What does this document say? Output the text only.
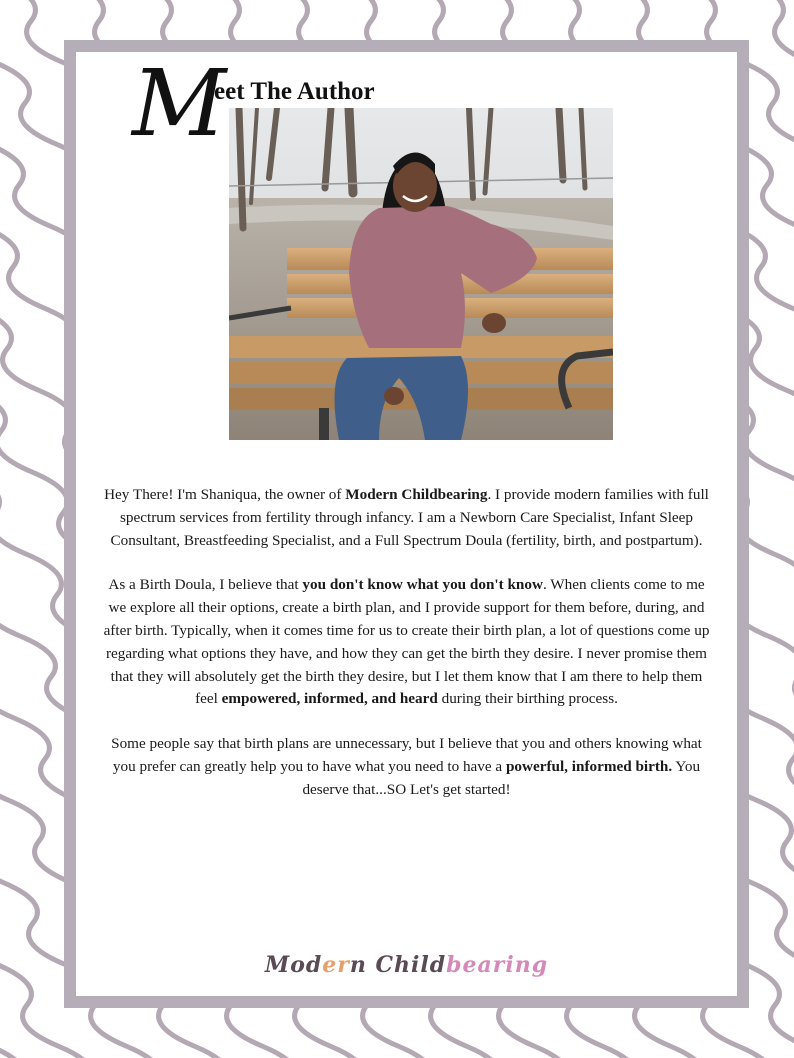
M
eet The Author

Hey There! I'm Shaniqua, the owner of Modern Childbearing. I provide modern families with full spectrum services from fertility through infancy. I am a Newborn Care Specialist, Infant Sleep Consultant, Breastfeeding Specialist, and a Full Spectrum Doula (fertility, birth, and postpartum).

As a Birth Doula, I believe that you don't know what you don't know. When clients come to me we explore all their options, create a birth plan, and I provide support for them before, during, and after birth. Typically, when it comes time for us to create their birth plan, a lot of questions come up regarding what options they have, and how they can get the birth they desire. I never promise them that they will absolutely get the birth they desire, but I let them know that I am there to help them feel empowered, informed, and heard during their birthing process.

Some people say that birth plans are unnecessary, but I believe that you and others knowing what you prefer can greatly help you to have what you need to have a powerful, informed birth. You deserve that...SO Let's get started!

Modern Childbearing
